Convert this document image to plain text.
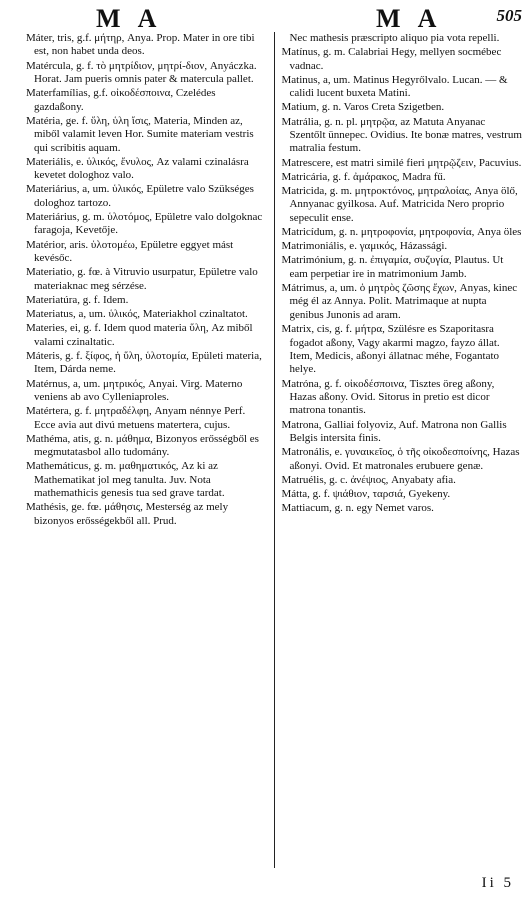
M A	M A	505

Máter, tris, g.f. μήτηρ, Anya. Prop. Mater in ore tibi est, non habet unda deos.

Matércula, g. f. τὸ μητρίδιον, μητρί-διον, Anyáczka. Horat. Jam pueris omnis pater & matercula pallet.

Materfamílias, g.f. οἰκοδέσποινα, Czelédes gazdaßony.

Matéria, ge. f. ὕλη, ὑλη ἴσις, Materia, Minden az, miből valamit leven Hor. Sumite materiam vestris qui scribitis aquam.

Materiális, e. ὑλικός, ἔνυλος, Az valami czinalásra kevetet dologhoz valo.

Materiárius, a, um. ὑλικός, Epületre valo Szükséges dologhoz tartozo.

Materiárius, g. m. ὑλοτόμος, Epületre valo dolgoknac faragoja, Kevetője.

Matérior, aris. ὑλοτομέω, Epületre eggyet mást kevésőc.

Materiatio, g. fœ. à Vitruvio usurpatur, Epületre valo materiaknac meg sérzése.

Materiatúra, g. f. Idem.

Materiatus, a, um. ὑλικός, Materiakhol czinaltatot.

Materies, ei, g. f. Idem quod materia ὕλη, Az miből valami czinaltatic.

Máteris, g. f. ξίφος, ἡ ὕλη, ὑλοτομία, Epületi materia, Item, Dárda neme.

Matérnus, a, um. μητρικός, Anyai. Virg. Materno veniens ab avo Cylleniaproles.

Matértera, g. f. μητραδέλφη, Anyam nénnye Perf. Ecce avia aut divú metuens matertera, cujus.

Mathéma, atis, g. n. μάθημα, Bizonyos erősségből es megmutatasbol allo tudomány.

Mathemáticus, g. m. μαθηματικός, Az ki az Mathematikat jol meg tanulta. Juv. Nota mathemathicis genesis tua sed grave tardat.

Mathésis, ge. fœ. μάθησις, Mesterség az mely bizonyos erősségekből all. Prud.

Nec mathesis præscripto aliquo pia vota repelli.

Matínus, g. m. Calabriai Hegy, mellyen socmébec vadnac.

Matinus, a, um. Matinus Hegyrőlvalo. Lucan. — & calidi lucent buxeta Matini.

Matium, g. n. Varos Creta Szigetben.

Matrália, g. n. pl. μητρῷα, az Matuta Anyanac Szentőlt ünnepec. Ovidius. Ite bonæ matres, vestrum matralia festum.

Matrescere, est matri similé fieri μητρῷζειν, Pacuvius.

Matricária, g. f. ἀμάρακος, Madra fű.

Matricida, g. m. μητροκτόνος, μητραλοίας, Anya ölő, Annyanac gyilkosa. Auf. Matricida Nero proprio sepeculit ense.

Matricídum, g. n. μητροφονία, μητροφονία, Anya öles

Matrimoniális, e. γαμικός, Házassági.

Matrimónium, g. n. ἐπιγαμία, συζυγία, Plautus. Ut eam perpetiar ire in matrimonium Jamb.

Mátrimus, a, um. ὁ μητρὸς ζῶσης ἔχων, Anyas, kinec még él az Annya. Polit. Matrimaque at nupta genibus Junonis ad aram.

Matrix, cis, g. f. μήτρα, Szülésre es Szaporitasra fogadot aßony, Vagy akarmi magzo, fayzo állat. Item, Medicis, aßonyi állatnac méhe, Fogantato helye.

Matróna, g. f. οἰκοδέσποινα, Tisztes öreg aßony, Hazas aßony. Ovid. Sitorus in pretio est dicor matrona tonantis.

Matrona, Galliai folyoviz, Auf. Matrona non Gallis Belgis intersita finis.

Matronális, e. γυναικεῖος, ὁ τῆς οἰκοδεσποίνης, Hazas aßonyi. Ovid. Et matronales erubuere genæ.

Matruélis, g. c. ἀνέψιος, Anyabaty afia.

Mátta, g. f. ψιάθιον, ταρσιά, Gyekeny.

Mattiacum, g. n. egy Nemet varos.

Ii 5
